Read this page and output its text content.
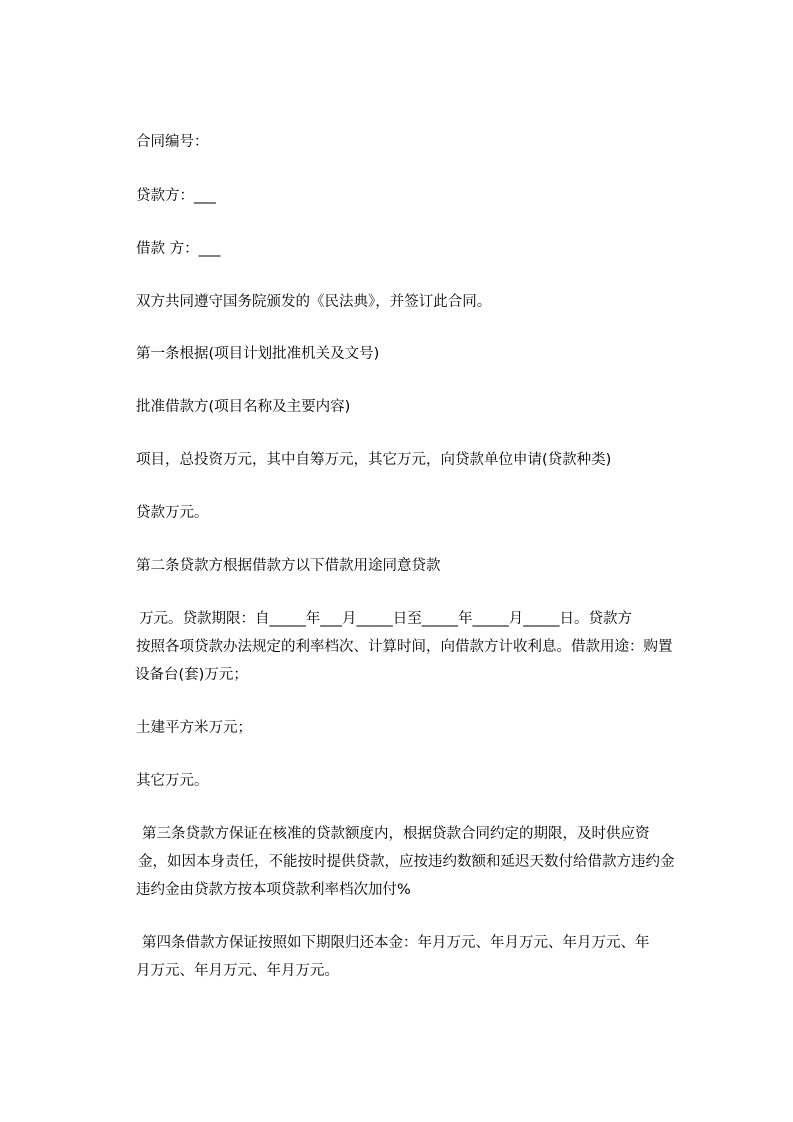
合同编号：
贷款方：___
借款 方：___
双方共同遵守国务院颁发的《民法典》，并签订此合同。
第一条根据(项目计划批准机关及文号)
批准借款方(项目名称及主要内容)
项目，总投资万元，其中自筹万元，其它万元，向贷款单位申请(贷款种类)
贷款万元。
第二条贷款方根据借款方以下借款用途同意贷款
万元。贷款期限：自_____年___月_____日至_____年_____月_____日。贷款方
按照各项贷款办法规定的利率档次、计算时间，向借款方计收利息。借款用途：购置
设备台(套)万元；
土建平方米万元；
其它万元。
第三条贷款方保证在核准的贷款额度内，根据贷款合同约定的期限，及时供应资
金，如因本身责任，不能按时提供贷款，应按违约数额和延迟天数付给借款方违约金
违约金由贷款方按本项贷款利率档次加付%
第四条借款方保证按照如下期限归还本金：年月万元、年月万元、年月万元、年
月万元、年月万元、年月万元。
